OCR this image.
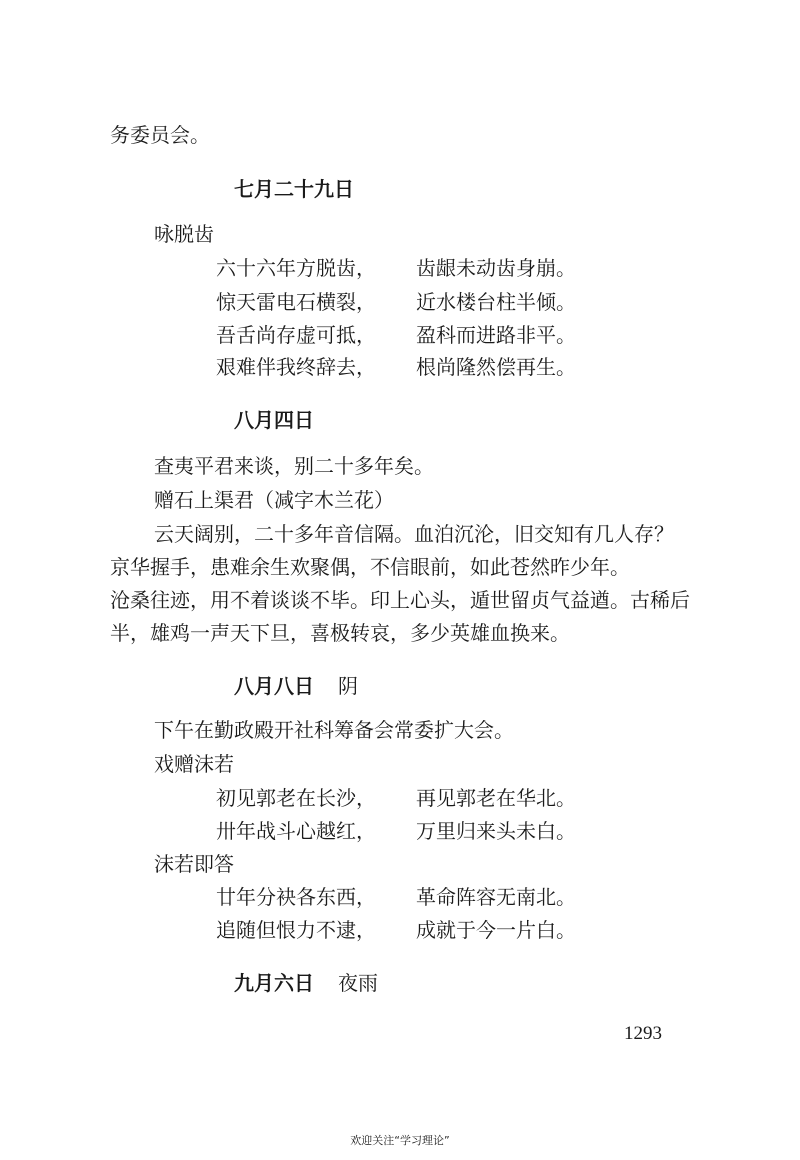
务委员会。
七月二十九日
咏脱齿
六十六年方脱齿， 齿龈未动齿身崩。
惊天雷电石横裂， 近水楼台柱半倾。
吾舌尚存虚可抵， 盈科而进路非平。
艰难伴我终辞去， 根尚隆然偿再生。
八月四日
查夷平君来谈，别二十多年矣。
赠石上渠君（减字木兰花）
云天阔别，二十多年音信隔。血泊沉沦，旧交知有几人存？
京华握手，患难余生欢聚偶，不信眼前，如此苍然昨少年。
沧桑往迹，用不着谈谈不毕。印上心头，遁世留贞气益遒。古稀后
半，雄鸡一声天下旦，喜极转哀，多少英雄血换来。
八月八日 阴
下午在勤政殿开社科筹备会常委扩大会。
戏赠沫若
初见郭老在长沙， 再见郭老在华北。
卅年战斗心越红， 万里归来头未白。
沫若即答
廿年分袂各东西， 革命阵容无南北。
追随但恨力不逮， 成就于今一片白。
九月六日 夜雨
1293
欢迎关注“学习理论”
